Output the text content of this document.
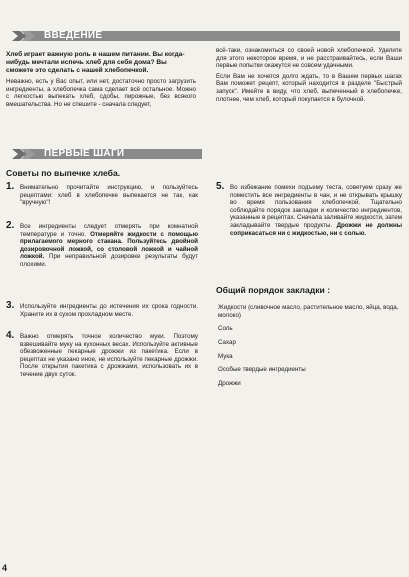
ВВЕДЕНИЕ

Хлеб играет важную роль в нашем питании. Вы когда-нибудь мечтали испечь хлеб для себя дома? Вы сможете это сделать с нашей хлебопечкой.

Неважно, есть у Вас опыт, или нет, достаточно просто загрузить ингредиенты, а хлебопечка сама сделает всё остальное. Можно с легкостью выпекать хлеб, сдобы, пирожные, без всякого вмешательства. Но не спешите - сначала следует,

всё-таки, ознакомиться со своей новой хлебопечкой. Уделите для этого некоторое время, и не расстраивайтесь, если Ваши первые попытки окажутся не совсем удачными.

Если Вам не хочется долго ждать, то в Вашем первых шагах Вам поможет рецепт, который находится в разделе "Быстрый запуск". Имейте в виду, что хлеб, выпеченный в хлебопечке, плотнее, чем хлеб, который покупается в булочной.

ПЕРВЫЕ ШАГИ
Советы по выпечке хлеба.
1. Внимательно прочитайте инструкцию, и пользуйтесь рецептами: хлеб в хлебопечке выпекается не так, как "вручную"!
2. Все ингредиенты следует отмерять при комнатной температуре и точно. Отмеряйте жидкости с помощью прилагаемого мерного стакана. Пользуйтесь двойной дозировочной ложкой, со столовой ложкой и чайной ложкой. При неправильной дозировке результаты будут плохими.
3. Используйте ингредиенты до истечения их срока годности. Храните их в сухом прохладном месте.
4. Важно отмерять точное количество муки. Поэтому взвешивайте муку на кухонных весах. Используйте активные обезвоженные пекарные дрожжи из пакетика. Если в рецептах не указано иное, не используйте пекарные дрожжи. После открытия пакетика с дрожжами, использовать их в течение двух суток.
5. Во избежание помехи подъему теста, советуем сразу же поместить все ингредиенты в чан, и не открывать крышку во время пользования хлебопечкой. Тщательно соблюдайте порядок закладки и количество ингредиентов, указанные в рецептах. Сначала заливайте жидкости, затем закладывайте твердые продукты. Дрожжи не должны соприкасаться ни с жидкостью, ни с солью.
Общий порядок закладки :
Жидкости (сливочное масло, растительное масло, яйца, вода, молоко)
Соль
Сахар
Мука
Особые твердые ингредиенты
Дрожжи
4
